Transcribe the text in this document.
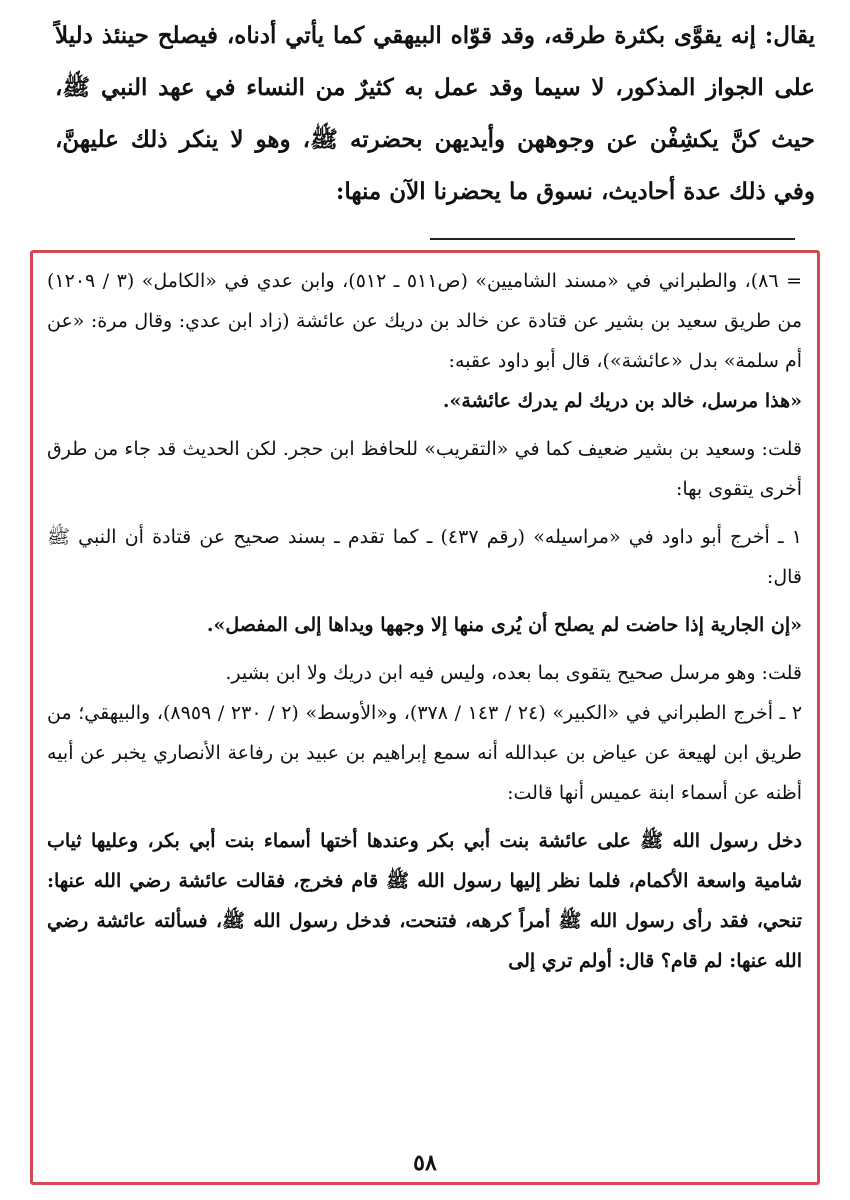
يقال: إنه يقوَّى بكثرة طرقه، وقد قوّاه البيهقي كما يأتي أدناه، فيصلح حينئذ دليلاً على الجواز المذكور، لا سيما وقد عمل به كثيرٌ من النساء في عهد النبي ﷺ، حيث كنَّ يكشِفْن عن وجوههن وأيديهن بحضرته ﷺ، وهو لا ينكر ذلك عليهنَّ، وفي ذلك عدة أحاديث، نسوق ما يحضرنا الآن منها:

= ٨٦)، والطبراني في «مسند الشاميين» (ص٥١١ ـ ٥١٢)، وابن عدي في «الكامل» (٣ / ١٢٠٩) من طريق سعيد بن بشير عن قتادة عن خالد بن دريك عن عائشة (زاد ابن عدي: وقال مرة: «عن أم سلمة» بدل «عائشة»)، قال أبو داود عقبه:

«هذا مرسل، خالد بن دريك لم يدرك عائشة».

قلت: وسعيد بن بشير ضعيف كما في «التقريب» للحافظ ابن حجر. لكن الحديث قد جاء من طرق أخرى يتقوى بها:

١ ـ أخرج أبو داود في «مراسيله» (رقم ٤٣٧) ـ كما تقدم ـ بسند صحيح عن قتادة أن النبي ﷺ قال:

«إن الجارية إذا حاضت لم يصلح أن يُرى منها إلا وجهها ويداها إلى المفصل».

قلت: وهو مرسل صحيح يتقوى بما بعده، وليس فيه ابن دريك ولا ابن بشير.

٢ ـ أخرج الطبراني في «الكبير» (٢٤ / ١٤٣ / ٣٧٨)، و«الأوسط» (٢ / ٢٣٠ / ٨٩٥٩)، والبيهقي؛ من طريق ابن لهيعة عن عياض بن عبدالله أنه سمع إبراهيم بن عبيد بن رفاعة الأنصاري يخبر عن أبيه أظنه عن أسماء ابنة عميس أنها قالت:

دخل رسول الله ﷺ على عائشة بنت أبي بكر وعندها أختها أسماء بنت أبي بكر، وعليها ثياب شامية واسعة الأكمام، فلما نظر إليها رسول الله ﷺ قام فخرج، فقالت عائشة رضي الله عنها: تنحي، فقد رأى رسول الله ﷺ أمراً كرهه، فتنحت، فدخل رسول الله ﷺ، فسألته عائشة رضي الله عنها: لم قام؟ قال: أولم تري إلى

٥٨
